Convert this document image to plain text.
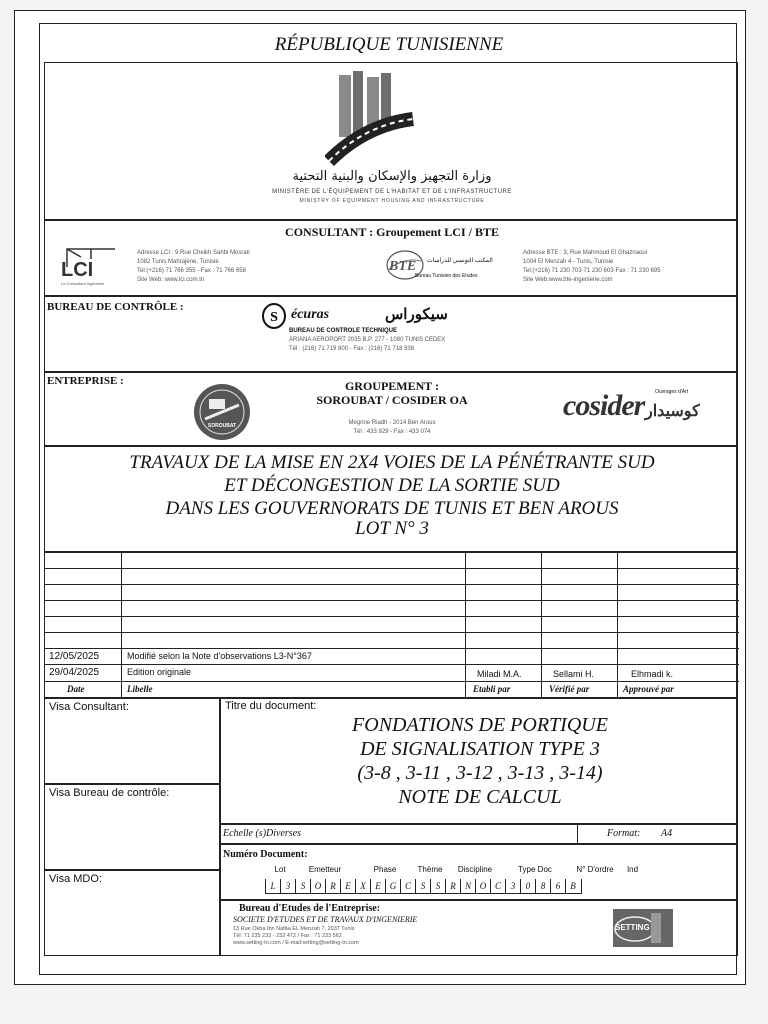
RÉPUBLIQUE TUNISIENNE
وزارة التجهيز والإسكان والبنية التحتية
MINISTÈRE DE L'ÉQUIPEMENT DE L'HABITAT ET DE L'INFRASTRUCTURE
MINISTRY OF EQUIPMENT HOUSING AND INFRASTRUCTURE
CONSULTANT : Groupement LCI / BTE
LCI
Le Consultant Ingénierie
Adresse LCI : 9 Rue Cheikh Sahbi Mosrati
1082 Tunis Mahrajène, Tunisie
Tel:(+216) 71 766 355 - Fax : 71 766 658
Site Web: www.lci.com.tn
BTE المكتب التونسي للدراسات
Bureau Tunisien des Etudes
Adresse BTE : 3, Rue Mahmoud El Ghaznaoui
1004 El Menzah 4 - Tunis, Tunisie
Tel:(+216) 71 230 703-71 230 603-Fax : 71 230 695
Site Web:www.bte-ingenierie.com
BUREAU DE CONTRÔLE :
S écuras	سيكوراس
BUREAU DE CONTROLE TECHNIQUE
ARIANA AEROPORT 2035 B.P. 277 - 1080 TUNIS CEDEX
Tél : (216) 71 719 800 - Fax : (216) 71 718 938
ENTREPRISE :
SOROUBAT
GROUPEMENT :
SOROUBAT / COSIDER OA
Megrine Riadh - 2014 Ben Arous
Tél : 433 929 - Fax : 433 074
cosider كوسيدار
Ouvrages d'Art
TRAVAUX DE LA MISE EN 2X4 VOIES DE LA PÉNÉTRANTE SUD
ET DÉCONGESTION DE LA SORTIE SUD
DANS LES GOUVERNORATS DE TUNIS ET BEN AROUS
LOT N° 3
12/05/2025	Modifié selon la Note d'observations L3-N°367
29/04/2025	Edition originale	Miladi M.A.	Sellami H.	Elhmadi k.
Date	Libelle	Etabli par	Vérifié par	Approuvé par
Visa Consultant:
Visa Bureau de contrôle:
Visa MDO:
Titre du document:
FONDATIONS DE PORTIQUE
DE SIGNALISATION TYPE 3
(3-8 , 3-11 , 3-12 , 3-13 , 3-14)
NOTE DE CALCUL
Echelle (s)Diverses	Format: A4
Numéro Document:
Lot	Emetteur	Phase	Thème	Discipline	Type Doc	N° D'ordre	Ind
L	3	S	O	R	E	X	E	G C	S	S	R	N O C	3	0	8	6	B
Bureau d'Etudes de l'Entreprise:
SOCIETE D'ETUDES ET DE TRAVAUX D'INGENIERIE
13 Rue Okba Ibn Nafâa EL Menzah 7, 2037 Tunis
Tél: 71 235 233 - 232 472 / Fax : 71 233 562
www.setting-tn.com / E-mail:setting@setting-tn.com
SETTING
